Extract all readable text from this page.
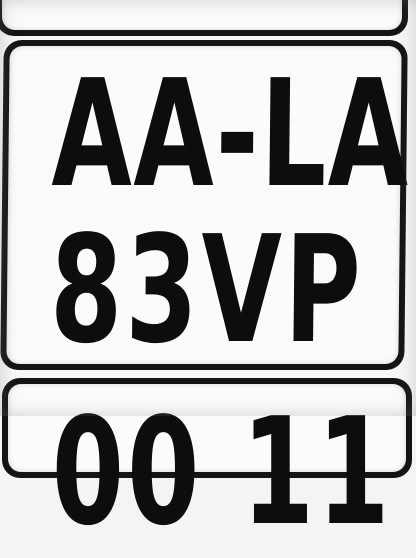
AA-LA
83VP
00 11
